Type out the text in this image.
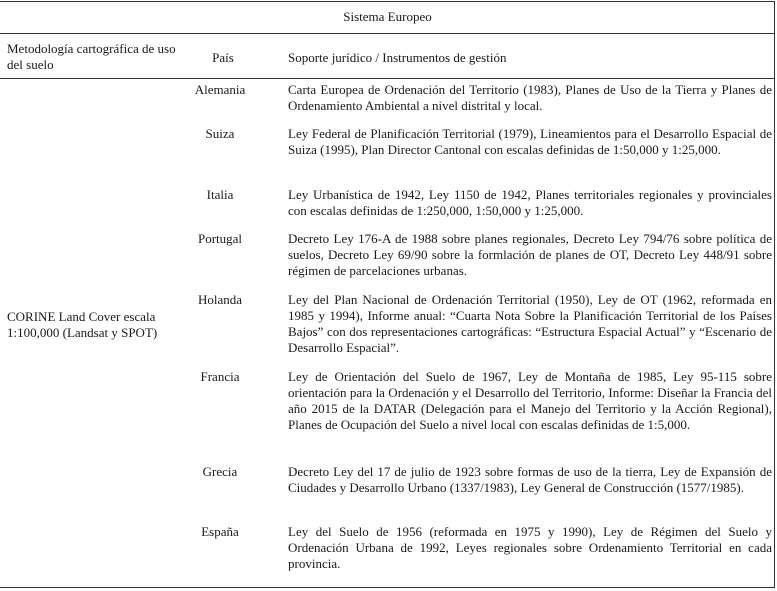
Sistema Europeo
Metodología cartográfica de uso del suelo	País	Soporte jurídico / Instrumentos de gestión
CORINE Land Cover escala 1:100,000 (Landsat y SPOT)
Alemania	Carta Europea de Ordenación del Territorio (1983), Planes de Uso de la Tierra y Planes de Ordenamiento Ambiental a nivel distrital y local.
Suiza	Ley Federal de Planificación Territorial (1979), Lineamientos para el Desarrollo Espacial de Suiza (1995), Plan Director Cantonal con escalas definidas de 1:50,000 y 1:25,000.
Italia	Ley Urbanística de 1942, Ley 1150 de 1942, Planes territoriales regionales y provinciales con escalas definidas de 1:250,000, 1:50,000 y 1:25,000.
Portugal	Decreto Ley 176-A de 1988 sobre planes regionales, Decreto Ley 794/76 sobre política de suelos, Decreto Ley 69/90 sobre la formlación de planes de OT, Decreto Ley 448/91 sobre régimen de parcelaciones urbanas.
Holanda	Ley del Plan Nacional de Ordenación Territorial (1950), Ley de OT (1962, reformada en 1985 y 1994), Informe anual: “Cuarta Nota Sobre la Planificación Territorial de los Países Bajos” con dos representaciones cartográficas: “Estructura Espacial Actual” y “Escenario de Desarrollo Espacial”.
Francia	Ley de Orientación del Suelo de 1967, Ley de Montaña de 1985, Ley 95-115 sobre orientación para la Ordenación y el Desarrollo del Territorio, Informe: Diseñar la Francia del año 2015 de la DATAR (Delegación para el Manejo del Territorio y la Acción Regional), Planes de Ocupación del Suelo a nivel local con escalas definidas de 1:5,000.
Grecia	Decreto Ley del 17 de julio de 1923 sobre formas de uso de la tierra, Ley de Expansión de Ciudades y Desarrollo Urbano (1337/1983), Ley General de Construcción (1577/1985).
España	Ley del Suelo de 1956 (reformada en 1975 y 1990), Ley de Régimen del Suelo y Ordenación Urbana de 1992, Leyes regionales sobre Ordenamiento Territorial en cada provincia.
